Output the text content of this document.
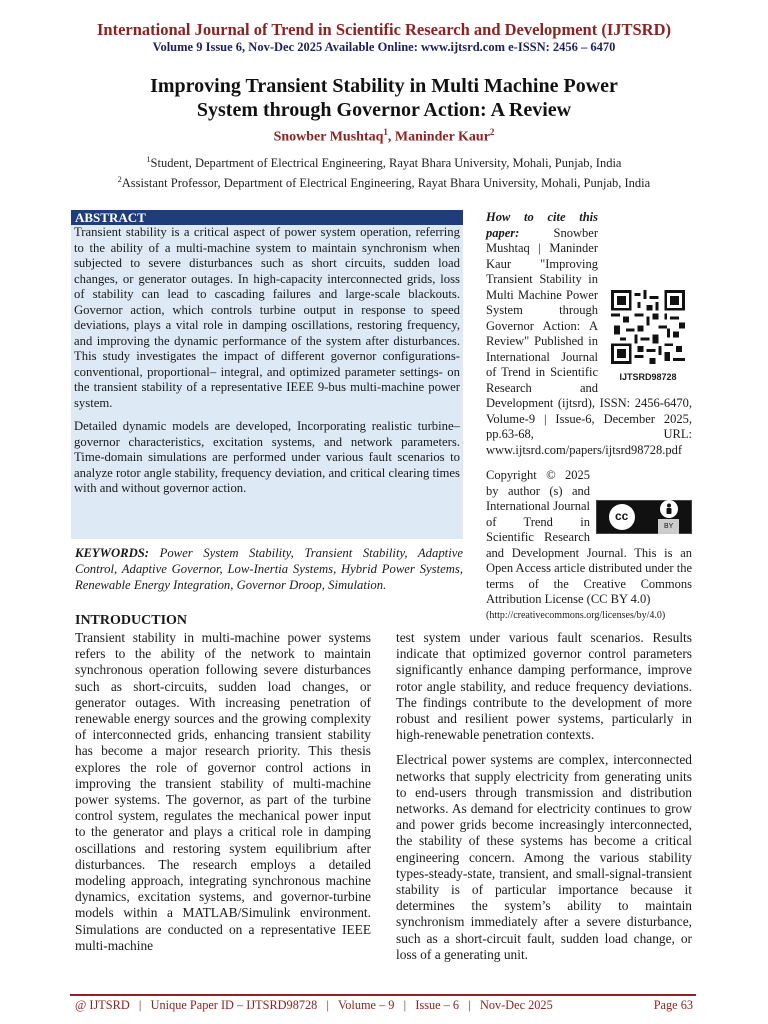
International Journal of Trend in Scientific Research and Development (IJTSRD)
Volume 9 Issue 6, Nov-Dec 2025 Available Online: www.ijtsrd.com e-ISSN: 2456 – 6470
Improving Transient Stability in Multi Machine Power
System through Governor Action: A Review
Snowber Mushtaq$^1$, Maninder Kaur$^2$
$^1$Student, Department of Electrical Engineering, Rayat Bhara University, Mohali, Punjab, India
$^2$Assistant Professor, Department of Electrical Engineering, Rayat Bhara University, Mohali, Punjab, India
ABSTRACT

Transient stability is a critical aspect of power system operation, referring to the ability of a multi-machine system to maintain synchronism when subjected to severe disturbances such as short circuits, sudden load changes, or generator outages. In high-capacity interconnected grids, loss of stability can lead to cascading failures and large-scale blackouts. Governor action, which controls turbine output in response to speed deviations, plays a vital role in damping oscillations, restoring frequency, and improving the dynamic performance of the system after disturbances. This study investigates the impact of different governor configurations-conventional, proportional– integral, and optimized parameter settings- on the transient stability of a representative IEEE 9-bus multi-machine power system.

Detailed dynamic models are developed, Incorporating realistic turbine–governor characteristics, excitation systems, and network parameters. Time-domain simulations are performed under various fault scenarios to analyze rotor angle stability, frequency deviation, and critical clearing times with and without governor action.

KEYWORDS: Power System Stability, Transient Stability, Adaptive Control, Adaptive Governor, Low-Inertia Systems, Hybrid Power Systems, Renewable Energy Integration, Governor Droop, Simulation.
IJTSRD98728
How to cite this paper: Snowber Mushtaq | Maninder Kaur "Improving Transient Stability in Multi Machine Power System through Governor Action: A Review" Published in International Journal of Trend in Scientific Research and Development (ijtsrd), ISSN: 2456-6470, Volume-9 | Issue-6, December 2025, pp.63-68, URL: www.ijtsrd.com/papers/ijtsrd98728.pdf
cc
BY
Copyright © 2025 by author (s) and International Journal of Trend in Scientific Research and Development Journal. This is an Open Access article distributed under the terms of the Creative Commons Attribution License (CC BY 4.0)
(http://creativecommons.org/licenses/by/4.0)
INTRODUCTION

Transient stability in multi-machine power systems refers to the ability of the network to maintain synchronous operation following severe disturbances such as short-circuits, sudden load changes, or generator outages. With increasing penetration of renewable energy sources and the growing complexity of interconnected grids, enhancing transient stability has become a major research priority. This thesis explores the role of governor control actions in improving the transient stability of multi-machine power systems. The governor, as part of the turbine control system, regulates the mechanical power input to the generator and plays a critical role in damping oscillations and restoring system equilibrium after disturbances. The research employs a detailed modeling approach, integrating synchronous machine dynamics, excitation systems, and governor-turbine models within a MATLAB/Simulink environment. Simulations are conducted on a representative IEEE multi-machine

test system under various fault scenarios. Results indicate that optimized governor control parameters significantly enhance damping performance, improve rotor angle stability, and reduce frequency deviations. The findings contribute to the development of more robust and resilient power systems, particularly in high-renewable penetration contexts.

Electrical power systems are complex, interconnected networks that supply electricity from generating units to end-users through transmission and distribution networks. As demand for electricity continues to grow and power grids become increasingly interconnected, the stability of these systems has become a critical engineering concern. Among the various stability types-steady-state, transient, and small-signal-transient stability is of particular importance because it determines the system’s ability to maintain synchronism immediately after a severe disturbance, such as a short-circuit fault, sudden load change, or loss of a generating unit.

@ IJTSRD   |   Unique Paper ID – IJTSRD98728   |   Volume – 9   |   Issue – 6   |   Nov-Dec 2025	Page 63
